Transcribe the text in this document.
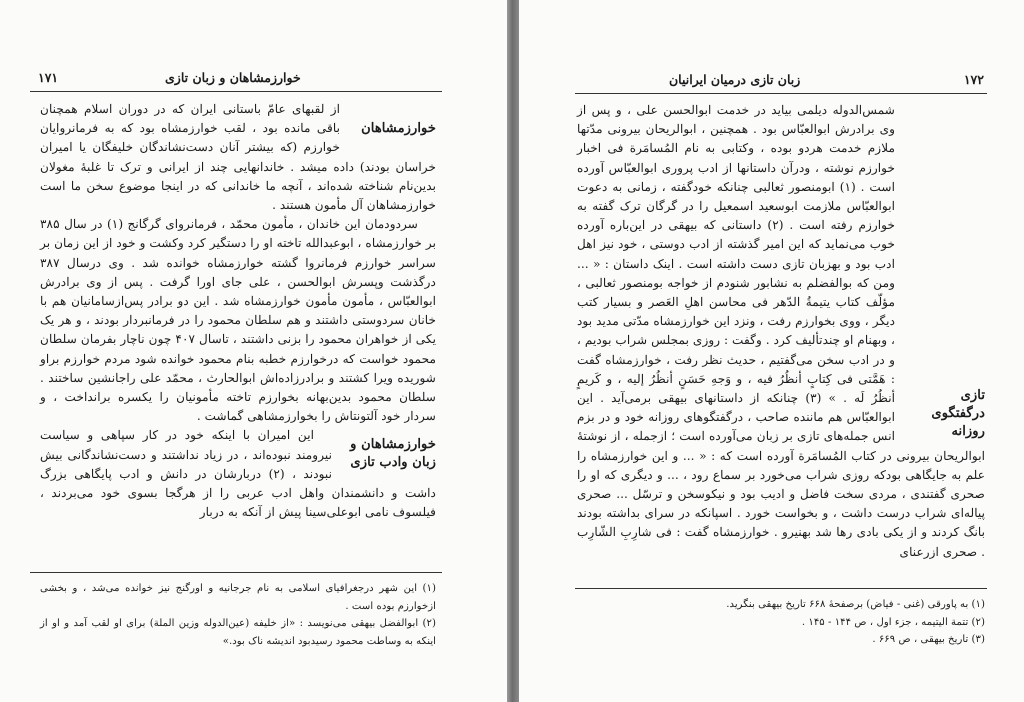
۱۷۱	خوارزمشاهان و زبان تازی
خوارزمشاهان

از لقبهای عامّ باستانی ایران که در دوران اسلام همچنان باقی مانده بود ، لقب خوارزمشاه بود که به فرمانروایان خوارزم (که بیشتر آنان دست‌نشاندگان خلیفگان یا امیران خراسان بودند) داده میشد . خاندانهایی چند از ایرانی و ترک تا غلبهٔ مغولان بدین‌نام شناخته شده‌اند ، آنچه ما خاندانی که در اینجا موضوع سخن ما است خوارزمشاهان آل مأمون هستند .

سردودمان این خاندان ، مأمون محمّد ، فرمانروای گرگانج (۱) در سال ۳۸۵ بر خوارزمشاه ، ابوعبدالله تاخته او را دستگیر کرد وکشت و خود از این زمان بر سراسر خوارزم فرمانروا گشته خوارزمشاه خوانده شد . وی درسال ۳۸۷ درگذشت وپسرش ابوالحسن ، علی جای اورا گرفت . پس از وی برادرش ابوالعبّاس ، مأمون مأمون خوارزمشاه شد . این دو برادر پس‌ازسامانیان هم با خانان سردوستی داشتند و هم سلطان محمود را در فرمانبردار بودند ، و هر یک یکی از خواهران محمود را بزنی داشتند ، تاسال ۴۰۷ چون ناچار بفرمان سلطان محمود خواست که درخوارزم خطبه بنام محمود خوانده شود مردم خوارزم براو شوریده ویرا کشتند و برادرزاده‌اش ابوالحارث ، محمّد علی راجانشین ساختند . سلطان محمود بدین‌بهانه بخوارزم تاخته مأمونیان را یکسره برانداخت ، و سردار خود آلتونتاش را بخوارزمشاهی گماشت .

خوارزمشاهان و زبان وادب تازی

این امیران با اینکه خود در کار سپاهی و سیاست نیرومند نبوده‌اند ، در زیاد نداشتند و دست‌نشاندگانی بیش نبودند ، (۲) دربارشان در دانش و ادب پایگاهی بزرگ داشت و دانشمندان واهل ادب عربی را از هرگجا بسوی خود می‌بردند ، فیلسوف نامی ابوعلی‌سینا پیش از آنکه به دربار

(۱) این شهر درجغرافیای اسلامی به نام جرجانیه و اورگنج نیز خوانده می‌شد ، و بخشی ازخوارزم بوده است .

(۲) ابوالفضل بیهقی می‌نویسد : «از خلیفه (عین‌الدوله وزین الملة) برای او لقب آمد و او از اینکه به وساطت محمود رسیدبود اندیشه ناک بود.»

۱۷۲
زبان تازی درمیان ایرانیان
تازی درگفتگوی روزانه

شمس‌الدوله دیلمی بیاید در خدمت ابوالحسن علی ، و پس از وی برادرش ابوالعبّاس بود . همچنین ، ابوالریحان بیرونی مدّتها ملازم خدمت هردو بوده ، وکتابی به نام المُسامَرة فی اخبار خوارزم نوشته ، ودرآن داستانها از ادب پروری ابوالعبّاس آورده است . (۱) ابومنصور ثعالبی چنانکه خودگفته ، زمانی به دعوت ابوالعبّاس ملازمت ابوسعید اسمعیل را در گرگان ترک گفته به خوارزم رفته است . (۲) داستانی که بیهقی در این‌باره آورده خوب می‌نماید که این امیر گذشته از ادب دوستی ، خود نیز اهل ادب بود و بهزبان تازی دست داشته است . اینک داستان : « ... ومن که بوالفضلم به نشابور شنودم از خواجه بومنصور ثعالبی ، مؤلّف کتاب یتیمةُ الدّهر فی محاسن اهلِ العَصر و بسیار کتب دیگر ، ووی بخوارزم رفت ، ونزد این خوارزمشاه مدّتی مدید بود ، وبهنام او چندتألیف کرد . وگفت : روزی بمجلس شراب بودیم ، و در ادب سخن می‌گفتیم ، حدیث نظر رفت ، خوارزمشاه گفت : هَمَّتی فی کِتابٍ أنظُرُ فیه ، و وَجهِ حَسَنٍ أنظُرُ إلیه ، و کَریمٍ أنظُرُ لَه . » (۳) چنانکه از داستانهای بیهقی برمی‌آید . این ابوالعبّاس هم ماننده صاحب ، درگفتگوهای روزانه خود و در بزم انس جمله‌های تازی بر زبان می‌آورده است ؛ ازجمله ، از نوشتهٔ ابوالریحان بیرونی در کتاب المُسامَرة آورده است که : « ... و این خوارزمشاه را علم به جایگاهی بودکه روزی شراب می‌خورد بر سماع رود ، ... و دیگری که او را صحری گفتندی ، مردی سخت فاضل و ادیب بود و نیکوسخن و ترسّل ... صحری پیاله‌ای شراب درست داشت ، و بخواست خورد . اسپانکه در سرای بداشته بودند بانگ کردند و از یکی بادی رها شد بهنیرو . خوارزمشاه گفت : فی شارِبِ الشّارِب . صحری ازرعنای

(۱) به پاورقی (غنی - فیاض) برصفحهٔ ۶۶۸ تاریخ بیهقی بنگرید.

(۲) تتمة الیتیمه ، جزء اول ، ص ۱۴۴ - ۱۴۵ .

(۳) تاریخ بیهقی ، ص ۶۶۹ .
